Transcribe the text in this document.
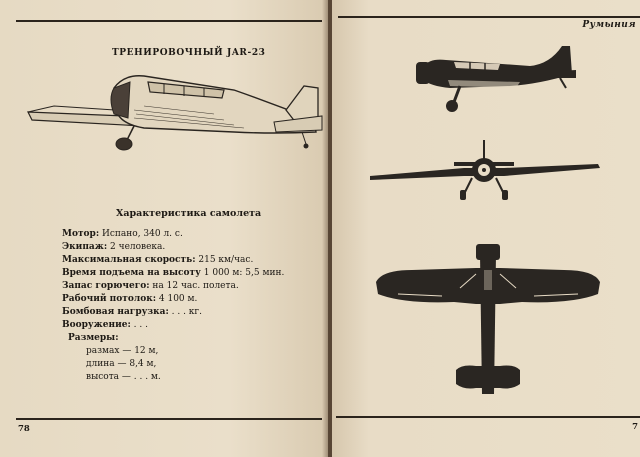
ТРЕНИРОВОЧНЫЙ JAR-23
Характеристика самолета
Мотор: Испано, 340 л. с.
Экипаж: 2 человека.
Максимальная скорость: 215 км/час.
Время подъема на высоту 1 000 м: 5,5 мин.
Запас горючего: на 12 час. полета.
Рабочий потолок: 4 100 м.
Бомбовая нагрузка: . . . кг.
Вооружение: . . .
Размеры:
размах — 12 м,
длина — 8,4 м,
высота — . . . м.
78
Румыния
7
